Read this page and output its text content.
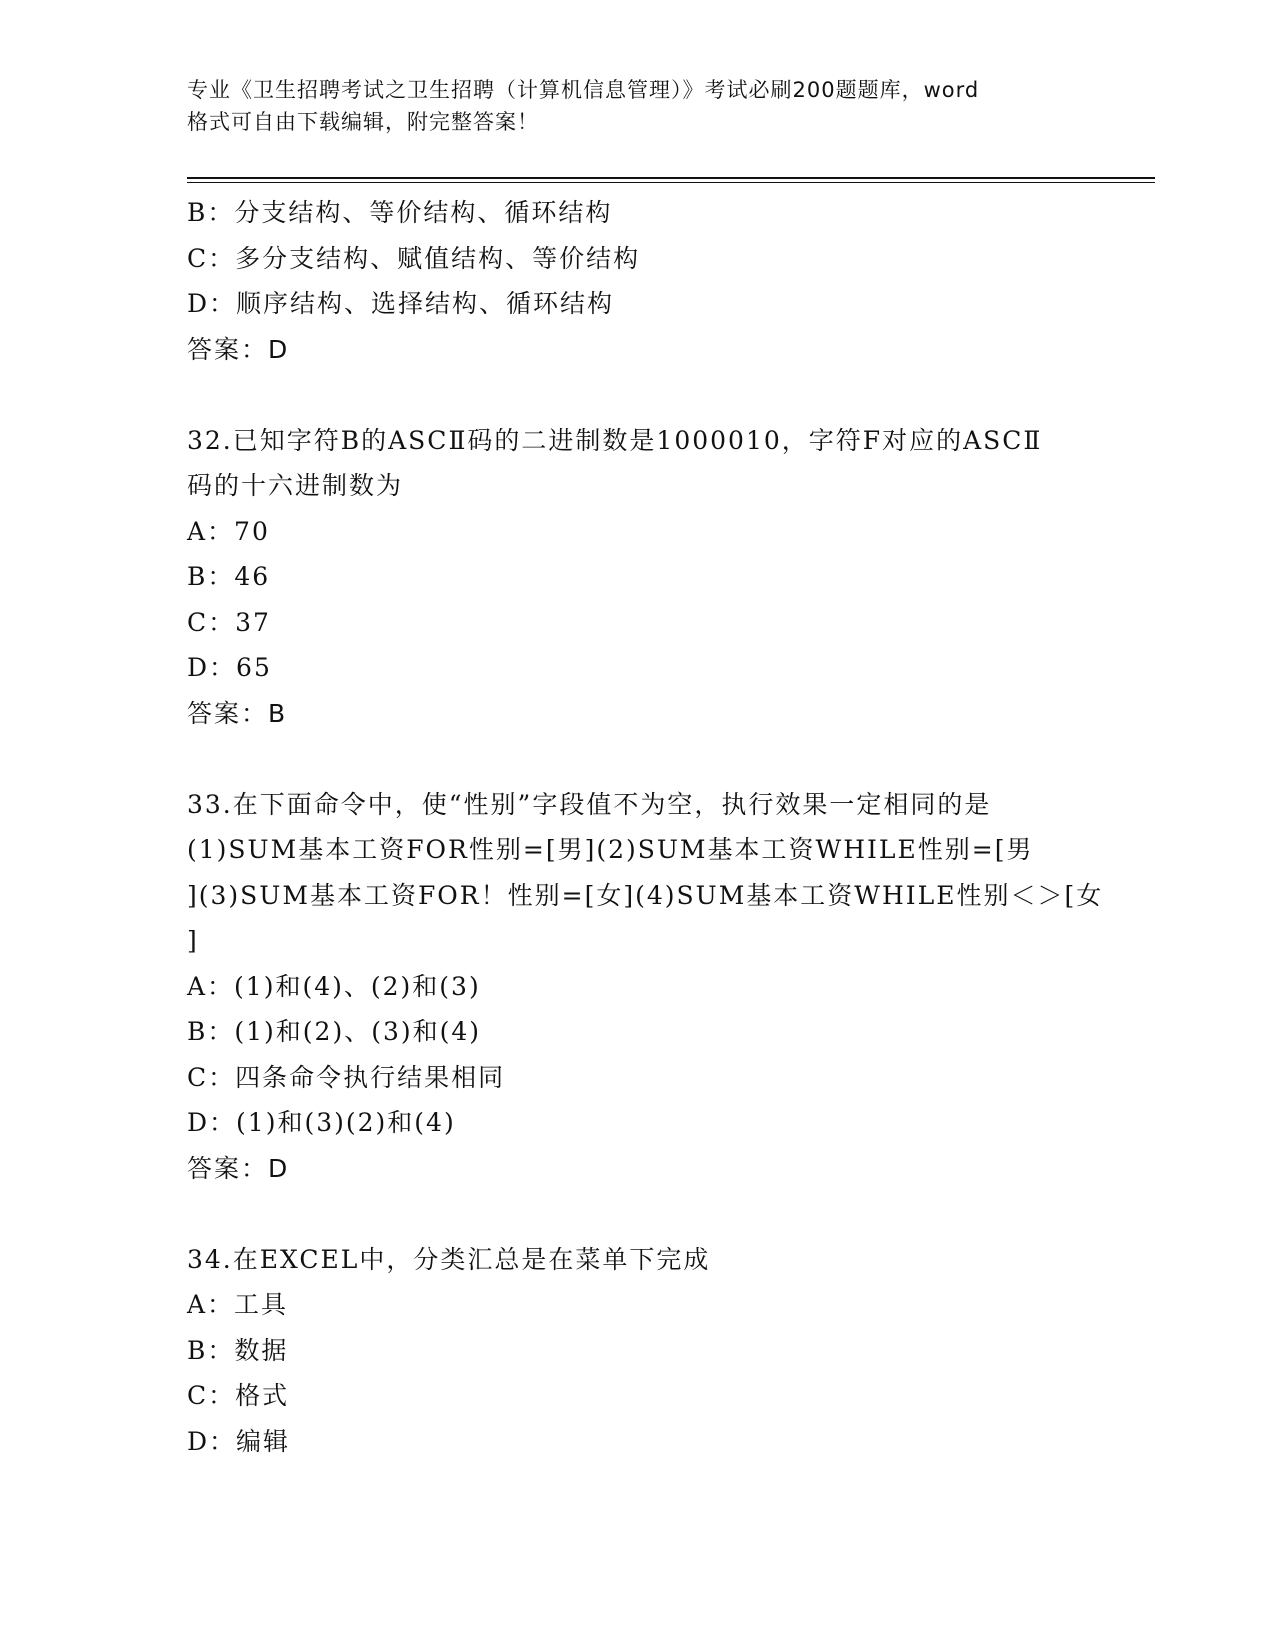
专业《卫生招聘考试之卫生招聘（计算机信息管理）》考试必刷200题题库，word
格式可自由下载编辑，附完整答案！
B：分支结构、等价结构、循环结构
C：多分支结构、赋值结构、等价结构
D：顺序结构、选择结构、循环结构
答案：D
32.已知字符B的ASCⅡ码的二进制数是1000010，字符F对应的ASCⅡ
码的十六进制数为
A：70
B：46
C：37
D：65
答案：B
33.在下面命令中，使“性别”字段值不为空，执行效果一定相同的是
(1)SUM基本工资FOR性别=[男](2)SUM基本工资WHILE性别=[男
](3)SUM基本工资FOR！性别=[女](4)SUM基本工资WHILE性别＜＞[女
]
A：(1)和(4)、(2)和(3)
B：(1)和(2)、(3)和(4)
C：四条命令执行结果相同
D：(1)和(3)(2)和(4)
答案：D
34.在EXCEL中，分类汇总是在菜单下完成
A：工具
B：数据
C：格式
D：编辑
